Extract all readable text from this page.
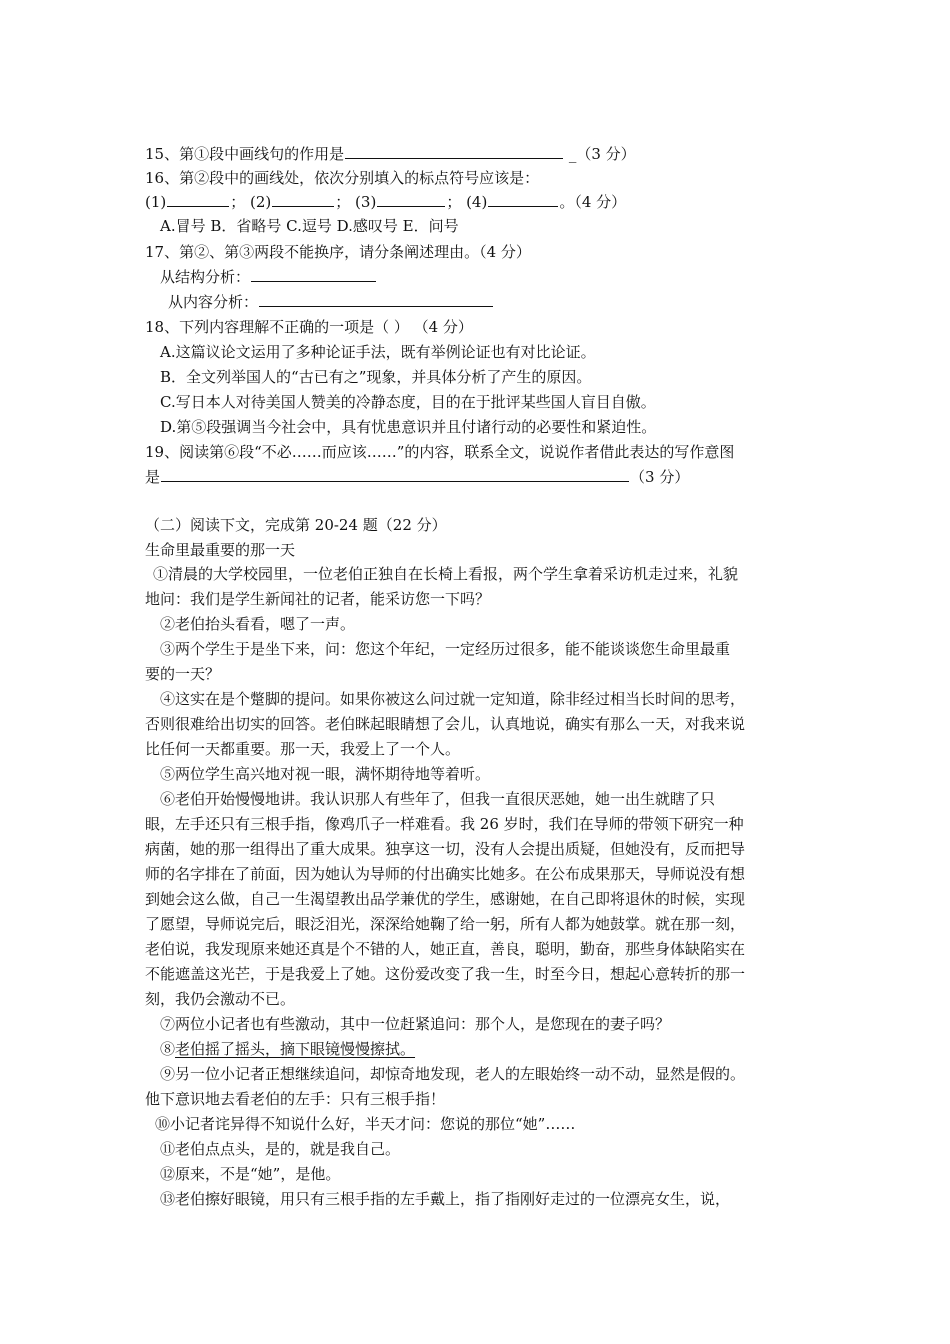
15、第①段中画线句的作用是	_（3 分）
16、第②段中的画线处，依次分别填入的标点符号应该是：
(1)	； (2)	； (3)	； (4)	。（4 分）
A.冒号 B．省略号 C.逗号 D.感叹号 E．问号
17、第②、第③两段不能换序，请分条阐述理由。（4 分）
从结构分析：
从内容分析：
18、下列内容理解不正确的一项是（ ） （4 分）
A.这篇议论文运用了多种论证手法，既有举例论证也有对比论证。
B．全文列举国人的“古已有之”现象，并具体分析了产生的原因。
C.写日本人对待美国人赞美的冷静态度，目的在于批评某些国人盲目自傲。
D.第⑤段强调当今社会中，具有忧患意识并且付诸行动的必要性和紧迫性。
19、阅读第⑥段“不必……而应该……”的内容，联系全文，说说作者借此表达的写作意图
是	（3 分）
（二）阅读下文，完成第 20-24 题（22 分）
生命里最重要的那一天
①清晨的大学校园里，一位老伯正独自在长椅上看报，两个学生拿着采访机走过来，礼貌
地问：我们是学生新闻社的记者，能采访您一下吗？
②老伯抬头看看，嗯了一声。
③两个学生于是坐下来，问：您这个年纪，一定经历过很多，能不能谈谈您生命里最重
要的一天？
④这实在是个蹩脚的提问。如果你被这么问过就一定知道，除非经过相当长时间的思考，
否则很难给出切实的回答。老伯眯起眼睛想了会儿，认真地说，确实有那么一天，对我来说
比任何一天都重要。那一天，我爱上了一个人。
⑤两位学生高兴地对视一眼，满怀期待地等着听。
⑥老伯开始慢慢地讲。我认识那人有些年了，但我一直很厌恶她，她一出生就瞎了只
眼，左手还只有三根手指，像鸡爪子一样难看。我 26 岁时，我们在导师的带领下研究一种
病菌，她的那一组得出了重大成果。独享这一切，没有人会提出质疑，但她没有，反而把导
师的名字排在了前面，因为她认为导师的付出确实比她多。在公布成果那天，导师说没有想
到她会这么做，自己一生渴望教出品学兼优的学生，感谢她，在自己即将退休的时候，实现
了愿望，导师说完后，眼泛泪光，深深给她鞠了给一躬，所有人都为她鼓掌。就在那一刻，
老伯说，我发现原来她还真是个不错的人，她正直，善良，聪明，勤奋，那些身体缺陷实在
不能遮盖这光芒，于是我爱上了她。这份爱改变了我一生，时至今日，想起心意转折的那一
刻，我仍会激动不已。
⑦两位小记者也有些激动，其中一位赶紧追问：那个人，是您现在的妻子吗？
⑧老伯摇了摇头，摘下眼镜慢慢擦拭。
⑨另一位小记者正想继续追问，却惊奇地发现，老人的左眼始终一动不动，显然是假的。
他下意识地去看老伯的左手：只有三根手指！
⑩小记者诧异得不知说什么好，半天才问：您说的那位“她”……
⑪老伯点点头，是的，就是我自己。
⑫原来，不是“她”，是他。
⑬老伯擦好眼镜，用只有三根手指的左手戴上，指了指刚好走过的一位漂亮女生，说，
